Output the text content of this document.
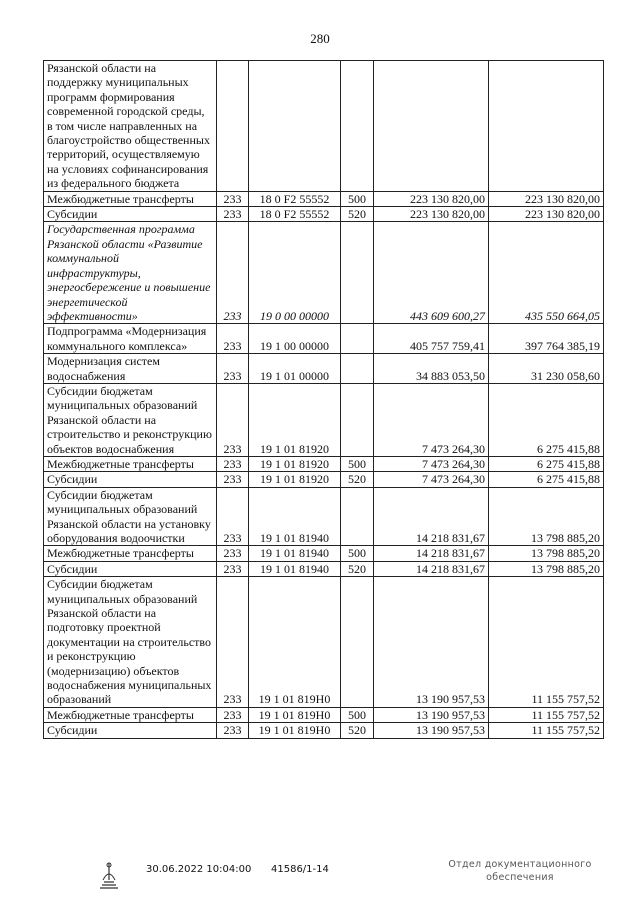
280
Рязанской области на поддержку муниципальных программ формирования современной городской среды, в том числе направленных на благоустройство общественных территорий, осуществляемую на условиях софинансирования из федерального бюджета					
Межбюджетные трансферты	233	18 0 F2 55552	500	223 130 820,00	223 130 820,00
Субсидии	233	18 0 F2 55552	520	223 130 820,00	223 130 820,00
Государственная программа Рязанской области «Развитие коммунальной инфраструктуры, энергосбережение и повышение энергетической эффективности»	233	19 0 00 00000		443 609 600,27	435 550 664,05
Подпрограмма «Модернизация коммунального комплекса»	233	19 1 00 00000		405 757 759,41	397 764 385,19
Модернизация систем водоснабжения	233	19 1 01 00000		34 883 053,50	31 230 058,60
Субсидии бюджетам муниципальных образований Рязанской области на строительство и реконструкцию объектов водоснабжения	233	19 1 01 81920		7 473 264,30	6 275 415,88
Межбюджетные трансферты	233	19 1 01 81920	500	7 473 264,30	6 275 415,88
Субсидии	233	19 1 01 81920	520	7 473 264,30	6 275 415,88
Субсидии бюджетам муниципальных образований Рязанской области на установку оборудования водоочистки	233	19 1 01 81940		14 218 831,67	13 798 885,20
Межбюджетные трансферты	233	19 1 01 81940	500	14 218 831,67	13 798 885,20
Субсидии	233	19 1 01 81940	520	14 218 831,67	13 798 885,20
Субсидии бюджетам муниципальных образований Рязанской области на подготовку проектной документации на строительство и реконструкцию (модернизацию) объектов водоснабжения муниципальных образований	233	19 1 01 819Н0		13 190 957,53	11 155 757,52
Межбюджетные трансферты	233	19 1 01 819Н0	500	13 190 957,53	11 155 757,52
Субсидии	233	19 1 01 819Н0	520	13 190 957,53	11 155 757,52
30.06.2022 10:04:00 41586/1-14	Отдел документационного
обеспечения
